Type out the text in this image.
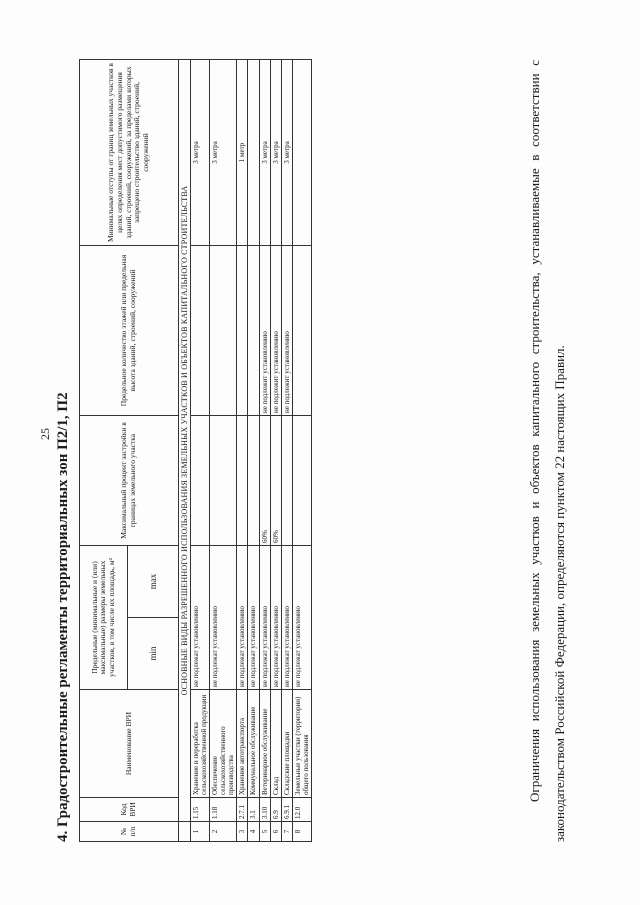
25 4. Градостроительные регламенты территориальных зон П2/1, П2	№ п/п	Код ВРИ	Наименование ВРИ	Предельные (минимальные и (или) максимальные) размеры земельных участков, в том числе их площадь, м²		Максимальный процент застройки в границах земельного участка	Предельное количество этажей или предельная высота зданий, строений, сооружений	Минимальные отступы от границ земельных участков в целях определения мест допустимого размещения зданий, строений, сооружений, за пределами которых запрещено строительство зданий, строений, сооружений
			min	max			
	ОСНОВНЫЕ ВИДЫ РАЗРЕШЕННОГО ИСПОЛЬЗОВАНИЯ ЗЕМЕЛЬНЫХ УЧАСТКОВ И ОБЪЕКТОВ КАПИТАЛЬНОГО СТРОИТЕЛЬСТВА						
1	1.15	Хранение и переработка сельскохозяйственной продукции	не подлежат установлению				3 метра
2	1.18	Обеспечение сельскохозяйственного производства	не подлежат установлению				3 метра
3	2.7.1	Хранение автотранспорта	не подлежат установлению				1 метр
4	3.1	Коммунальное обслуживание	не подлежат установлению				
5	3.10	Ветеринарное обслуживание	не подлежат установлению		60%	не подлежит установлению	3 метра
6	6.9	Склад	не подлежат установлению		60%	не подлежит установлению	3 метра
7	6.9.1	Складские площадки	не подлежат установлению			не подлежит установлению	3 метра
8	12.0	Земельные участки (территории) общего пользования	не подлежат установлению					Ограничения использования земельных участков и объектов капитального строительства, устанавливаемые в соответствии с законодательством Российской Федерации, определяются пунктом 22 настоящих Правил.
